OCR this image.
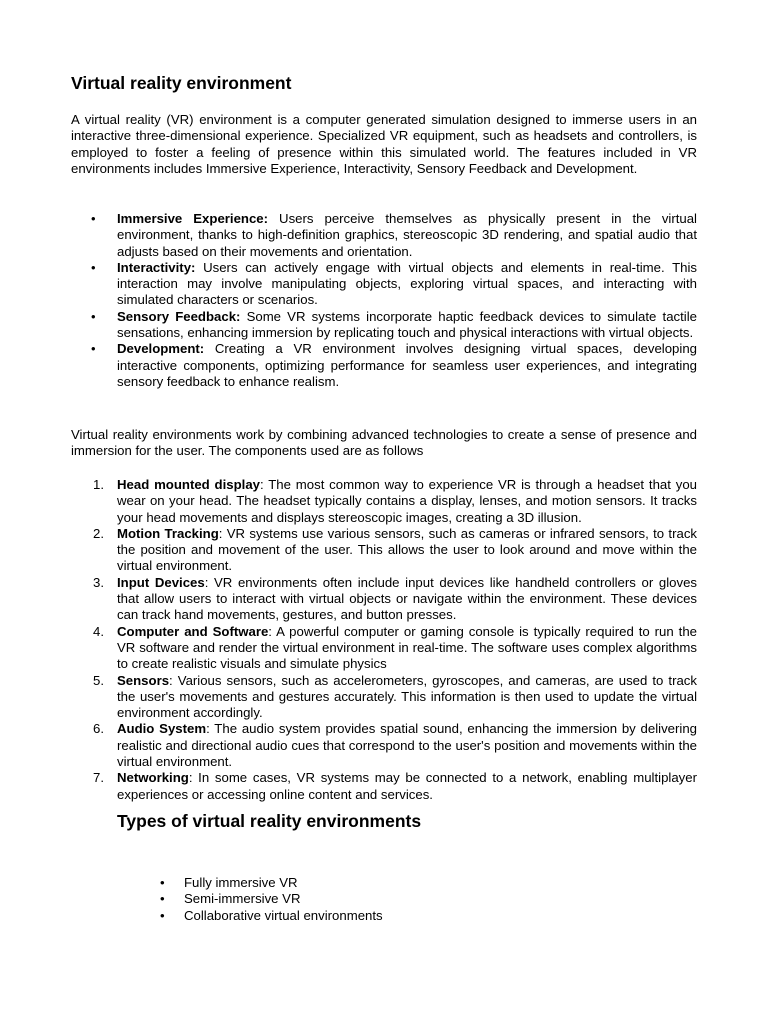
Virtual reality environment

A virtual reality (VR) environment is a computer generated simulation designed to immerse users in an interactive three-dimensional experience. Specialized VR equipment, such as headsets and controllers, is employed to foster a feeling of presence within this simulated world. The features included in VR environments includes Immersive Experience, Interactivity, Sensory Feedback and Development.

• Immersive Experience: Users perceive themselves as physically present in the virtual environment, thanks to high-definition graphics, stereoscopic 3D rendering, and spatial audio that adjusts based on their movements and orientation.
• Interactivity: Users can actively engage with virtual objects and elements in real-time. This interaction may involve manipulating objects, exploring virtual spaces, and interacting with simulated characters or scenarios.
• Sensory Feedback: Some VR systems incorporate haptic feedback devices to simulate tactile sensations, enhancing immersion by replicating touch and physical interactions with virtual objects.
• Development: Creating a VR environment involves designing virtual spaces, developing interactive components, optimizing performance for seamless user experiences, and integrating sensory feedback to enhance realism.

Virtual reality environments work by combining advanced technologies to create a sense of presence and immersion for the user. The components used are as follows

1. Head mounted display: The most common way to experience VR is through a headset that you wear on your head. The headset typically contains a display, lenses, and motion sensors. It tracks your head movements and displays stereoscopic images, creating a 3D illusion.
2. Motion Tracking: VR systems use various sensors, such as cameras or infrared sensors, to track the position and movement of the user. This allows the user to look around and move within the virtual environment.
3. Input Devices: VR environments often include input devices like handheld controllers or gloves that allow users to interact with virtual objects or navigate within the environment. These devices can track hand movements, gestures, and button presses.
4. Computer and Software: A powerful computer or gaming console is typically required to run the VR software and render the virtual environment in real-time. The software uses complex algorithms to create realistic visuals and simulate physics
5. Sensors: Various sensors, such as accelerometers, gyroscopes, and cameras, are used to track the user's movements and gestures accurately. This information is then used to update the virtual environment accordingly.
6. Audio System: The audio system provides spatial sound, enhancing the immersion by delivering realistic and directional audio cues that correspond to the user's position and movements within the virtual environment.
7. Networking: In some cases, VR systems may be connected to a network, enabling multiplayer experiences or accessing online content and services.
Types of virtual reality environments
• Fully immersive VR
• Semi-immersive VR
• Collaborative virtual environments
